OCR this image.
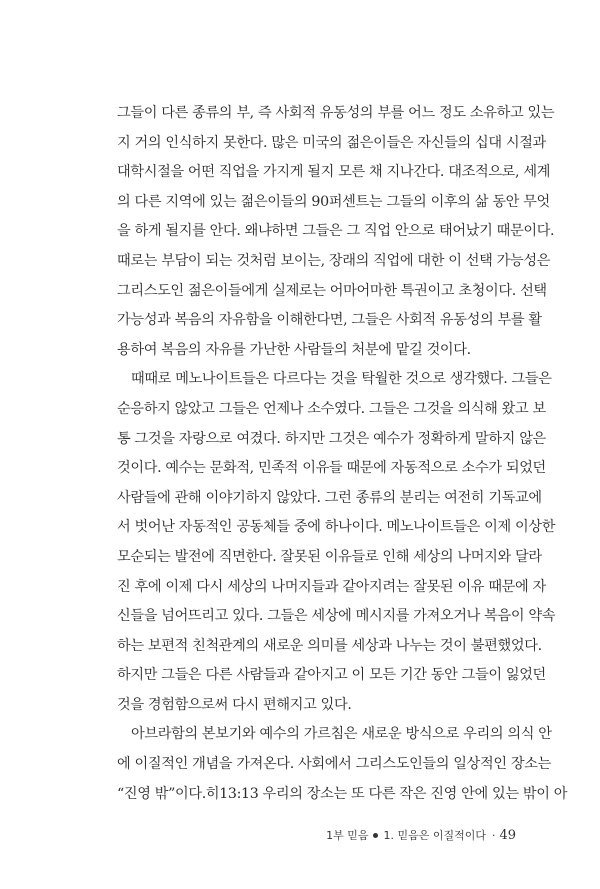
그들이 다른 종류의 부, 즉 사회적 유동성의 부를 어느 정도 소유하고 있는
지 거의 인식하지 못한다. 많은 미국의 젊은이들은 자신들의 십대 시절과
대학시절을 어떤 직업을 가지게 될지 모른 채 지나간다. 대조적으로, 세계
의 다른 지역에 있는 젊은이들의 90퍼센트는 그들의 이후의 삶 동안 무엇
을 하게 될지를 안다. 왜냐하면 그들은 그 직업 안으로 태어났기 때문이다.
때로는 부담이 되는 것처럼 보이는, 장래의 직업에 대한 이 선택 가능성은
그리스도인 젊은이들에게 실제로는 어마어마한 특권이고 초청이다. 선택
가능성과 복음의 자유함을 이해한다면, 그들은 사회적 유동성의 부를 활
용하여 복음의 자유를 가난한 사람들의 처분에 맡길 것이다.
때때로 메노나이트들은 다르다는 것을 탁월한 것으로 생각했다. 그들은
순응하지 않았고 그들은 언제나 소수였다. 그들은 그것을 의식해 왔고 보
통 그것을 자랑으로 여겼다. 하지만 그것은 예수가 정확하게 말하지 않은
것이다. 예수는 문화적, 민족적 이유들 때문에 자동적으로 소수가 되었던
사람들에 관해 이야기하지 않았다. 그런 종류의 분리는 여전히 기독교에
서 벗어난 자동적인 공동체들 중에 하나이다. 메노나이트들은 이제 이상한
모순되는 발전에 직면한다. 잘못된 이유들로 인해 세상의 나머지와 달라
진 후에 이제 다시 세상의 나머지들과 같아지려는 잘못된 이유 때문에 자
신들을 넘어뜨리고 있다. 그들은 세상에 메시지를 가져오거나 복음이 약속
하는 보편적 친척관계의 새로운 의미를 세상과 나누는 것이 불편했었다.
하지만 그들은 다른 사람들과 같아지고 이 모든 기간 동안 그들이 잃었던
것을 경험함으로써 다시 편해지고 있다.
아브라함의 본보기와 예수의 가르침은 새로운 방식으로 우리의 의식 안
에 이질적인 개념을 가져온다. 사회에서 그리스도인들의 일상적인 장소는
“진영 밖”이다.히13:13 우리의 장소는 또 다른 작은 진영 안에 있는 밖이 아
1부 믿음 1. 믿음은 이질적이다 · 49
